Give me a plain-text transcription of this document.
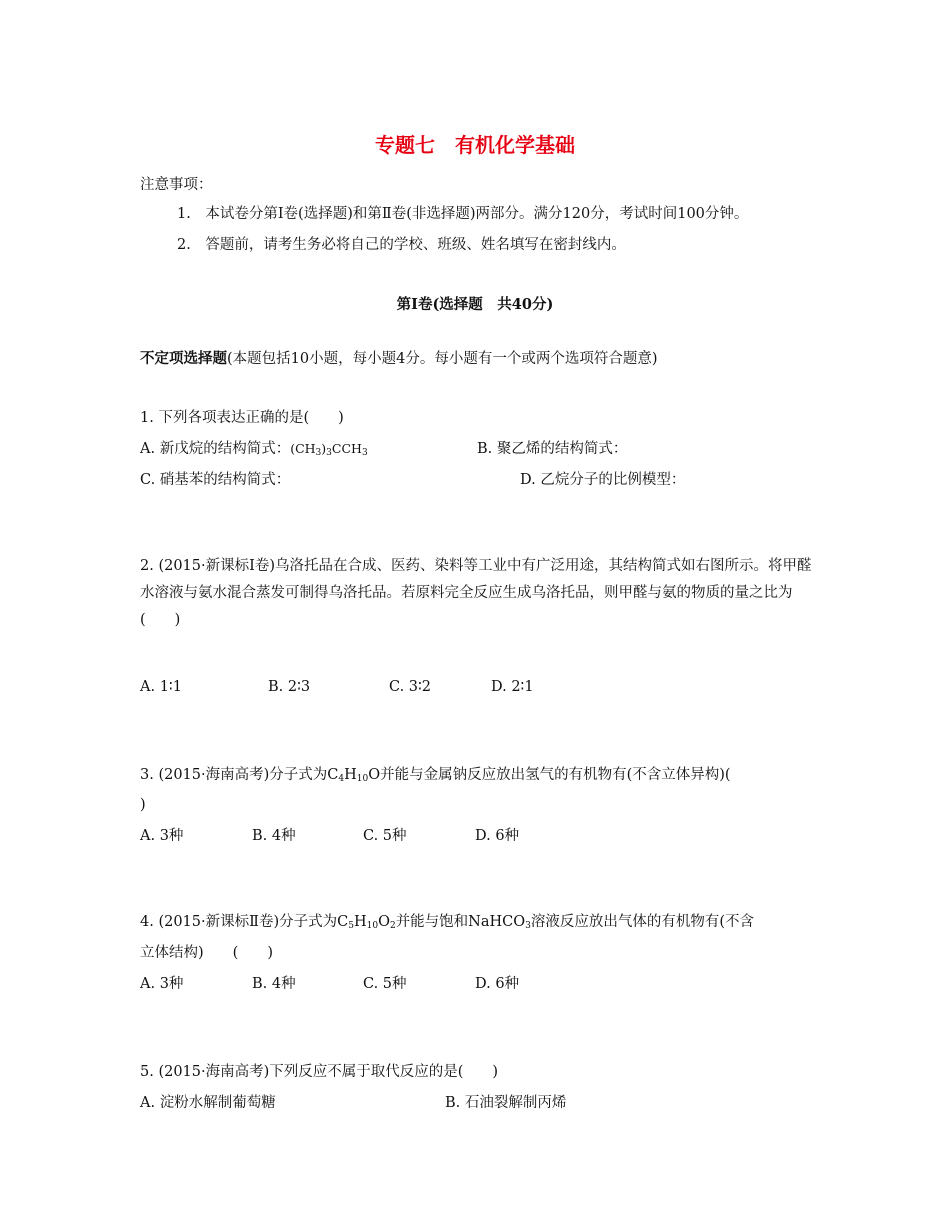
专题七　有机化学基础
注意事项：
1.　本试卷分第Ⅰ卷(选择题)和第Ⅱ卷(非选择题)两部分。满分120分，考试时间100分钟。
2.　答题前，请考生务必将自己的学校、班级、姓名填写在密封线内。
第Ⅰ卷(选择题　共40分)
不定项选择题(本题包括10小题，每小题4分。每小题有一个或两个选项符合题意)
1. 下列各项表达正确的是(　　)
A. 新戊烷的结构简式：$(CH_3)_3CCH_3$	B. 聚乙烯的结构简式：
C. 硝基苯的结构简式：	D. 乙烷分子的比例模型：
2. (2015·新课标Ⅰ卷)乌洛托品在合成、医药、染料等工业中有广泛用途，其结构简式如右图所示。将甲醛水溶液与氨水混合蒸发可制得乌洛托品。若原料完全反应生成乌洛托品，则甲醛与氨的物质的量之比为(　　)
A. 1∶1	B. 2∶3	C. 3∶2	D. 2∶1
3. (2015·海南高考)分子式为$C_4H_{10}O$并能与金属钠反应放出氢气的有机物有(不含立体异构)(
)
A. 3种	B. 4种	C. 5种	D. 6种
4. (2015·新课标Ⅱ卷)分子式为$C_5H_{10}O_2$并能与饱和NaHCO$_3$溶液反应放出气体的有机物有(不含
立体结构)　　(　　)
A. 3种	B. 4种	C. 5种	D. 6种
5. (2015·海南高考)下列反应不属于取代反应的是(　　)
A. 淀粉水解制葡萄糖	B. 石油裂解制丙烯
